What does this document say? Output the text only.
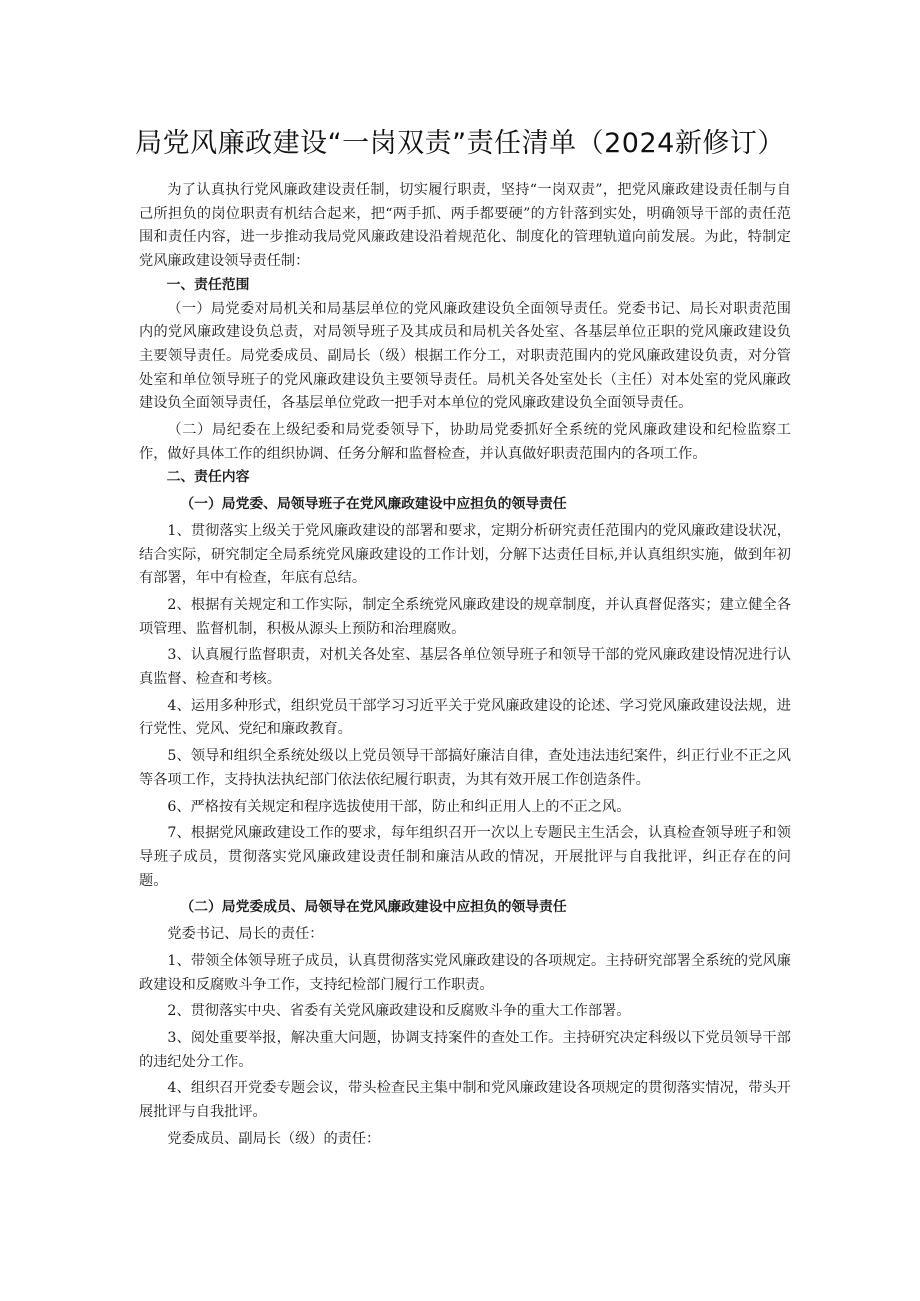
局党风廉政建设“一岗双责”责任清单（2024新修订）

为了认真执行党风廉政建设责任制，切实履行职责，坚持“一岗双责”，把党风廉政建设责任制与自己所担负的岗位职责有机结合起来，把“两手抓、两手都要硬”的方针落到实处，明确领导干部的责任范围和责任内容，进一步推动我局党风廉政建设沿着规范化、制度化的管理轨道向前发展。为此，特制定党风廉政建设领导责任制：

一、责任范围

（一）局党委对局机关和局基层单位的党风廉政建设负全面领导责任。党委书记、局长对职责范围内的党风廉政建设负总责，对局领导班子及其成员和局机关各处室、各基层单位正职的党风廉政建设负主要领导责任。局党委成员、副局长（级）根据工作分工，对职责范围内的党风廉政建设负责，对分管处室和单位领导班子的党风廉政建设负主要领导责任。局机关各处室处长（主任）对本处室的党风廉政建设负全面领导责任，各基层单位党政一把手对本单位的党风廉政建设负全面领导责任。

（二）局纪委在上级纪委和局党委领导下，协助局党委抓好全系统的党风廉政建设和纪检监察工作，做好具体工作的组织协调、任务分解和监督检查，并认真做好职责范围内的各项工作。

二、责任内容

（一）局党委、局领导班子在党风廉政建设中应担负的领导责任

1、贯彻落实上级关于党风廉政建设的部署和要求，定期分析研究责任范围内的党风廉政建设状况，结合实际，研究制定全局系统党风廉政建设的工作计划，分解下达责任目标,并认真组织实施，做到年初有部署，年中有检查，年底有总结。

2、根据有关规定和工作实际，制定全系统党风廉政建设的规章制度，并认真督促落实；建立健全各项管理、监督机制，积极从源头上预防和治理腐败。

3、认真履行监督职责，对机关各处室、基层各单位领导班子和领导干部的党风廉政建设情况进行认真监督、检查和考核。

4、运用多种形式，组织党员干部学习习近平关于党风廉政建设的论述、学习党风廉政建设法规，进行党性、党风、党纪和廉政教育。

5、领导和组织全系统处级以上党员领导干部搞好廉洁自律，查处违法违纪案件，纠正行业不正之风等各项工作，支持执法执纪部门依法依纪履行职责，为其有效开展工作创造条件。

6、严格按有关规定和程序选拔使用干部，防止和纠正用人上的不正之风。

7、根据党风廉政建设工作的要求，每年组织召开一次以上专题民主生活会，认真检查领导班子和领导班子成员，贯彻落实党风廉政建设责任制和廉洁从政的情况，开展批评与自我批评，纠正存在的问题。

（二）局党委成员、局领导在党风廉政建设中应担负的领导责任

党委书记、局长的责任：

1、带领全体领导班子成员，认真贯彻落实党风廉政建设的各项规定。主持研究部署全系统的党风廉政建设和反腐败斗争工作，支持纪检部门履行工作职责。

2、贯彻落实中央、省委有关党风廉政建设和反腐败斗争的重大工作部署。

3、阅处重要举报，解决重大问题，协调支持案件的查处工作。主持研究决定科级以下党员领导干部的违纪处分工作。

4、组织召开党委专题会议，带头检查民主集中制和党风廉政建设各项规定的贯彻落实情况，带头开展批评与自我批评。

党委成员、副局长（级）的责任：
